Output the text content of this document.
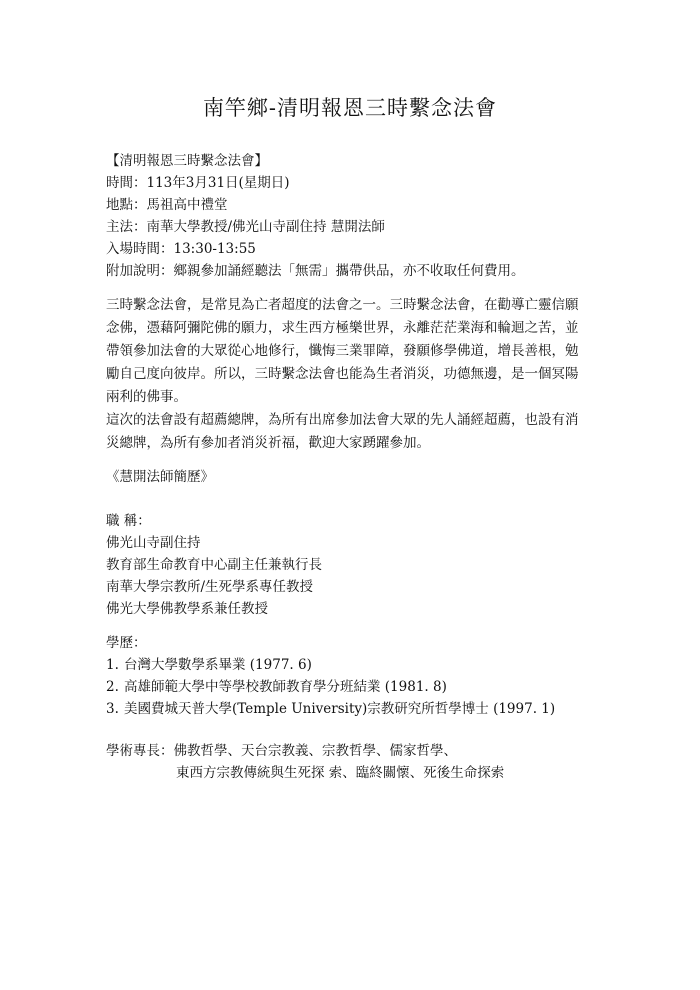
南竿鄉-清明報恩三時繫念法會
【清明報恩三時繫念法會】
時間：113年3月31日(星期日)
地點：馬祖高中禮堂
主法：南華大學教授/佛光山寺副住持 慧開法師
入場時間：13:30-13:55
附加說明：鄉親參加誦經聽法「無需」攜帶供品，亦不收取任何費用。
三時繫念法會，是常見為亡者超度的法會之一。三時繫念法會，在勸導亡靈信願
念佛，憑藉阿彌陀佛的願力，求生西方極樂世界，永離茫茫業海和輪迴之苦，並
帶領參加法會的大眾從心地修行，懺悔三業罪障，發願修學佛道，增長善根，勉
勵自己度向彼岸。所以，三時繫念法會也能為生者消災，功德無邊，是一個冥陽
兩利的佛事。
這次的法會設有超薦總牌，為所有出席參加法會大眾的先人誦經超薦，也設有消
災總牌，為所有參加者消災祈福，歡迎大家踴躍參加。
《慧開法師簡歷》
職 稱：
佛光山寺副住持
教育部生命教育中心副主任兼執行長
南華大學宗教所/生死學系專任教授
佛光大學佛教學系兼任教授
學歷：
1. 台灣大學數學系畢業 (1977. 6)
2. 高雄師範大學中等學校教師教育學分班結業 (1981. 8)
3. 美國費城天普大學(Temple University)宗教研究所哲學博士 (1997. 1)
學術專長：佛教哲學、天台宗教義、宗教哲學、儒家哲學、
東西方宗教傳統與生死探 索、臨終關懷、死後生命探索
